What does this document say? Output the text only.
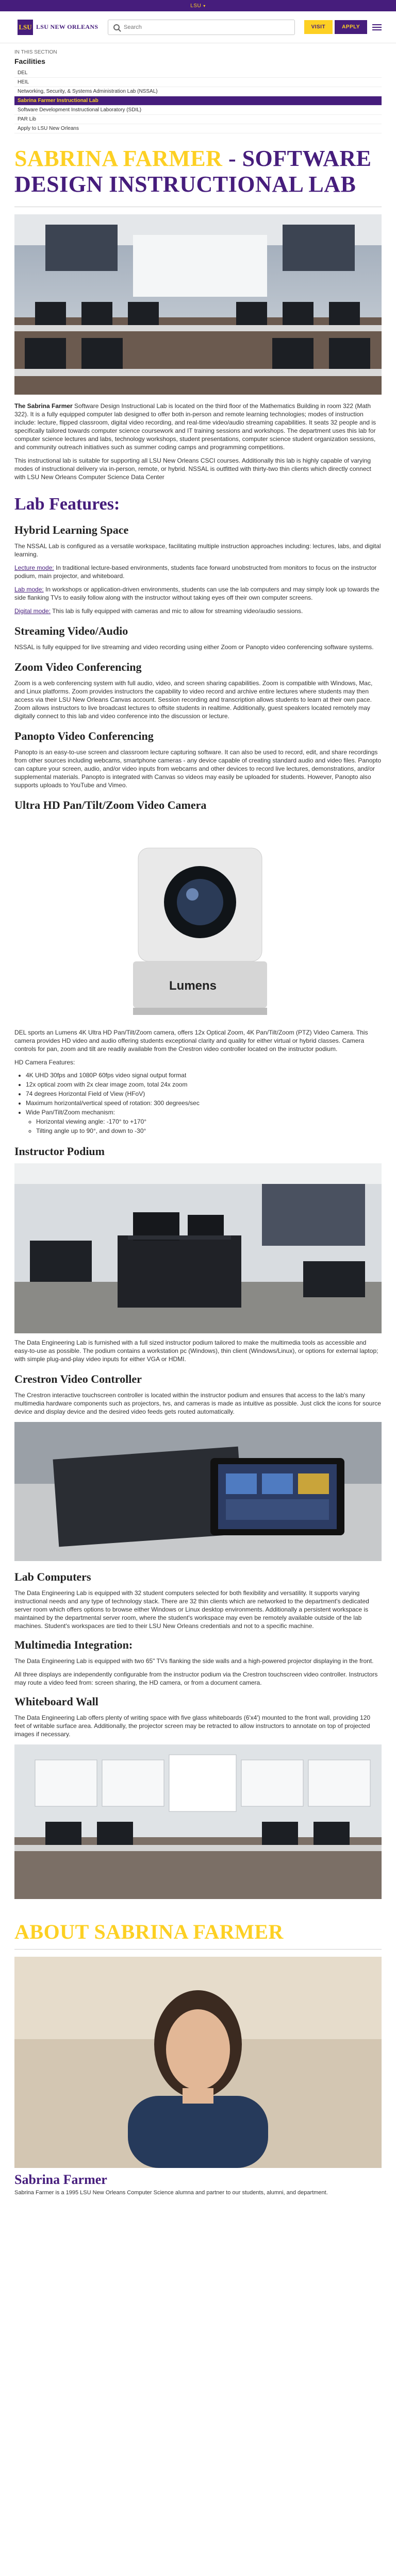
LSU ▾
LSU LSU NEW ORLEANS
Search	VISIT	APPLY
IN THIS SECTION
Facilities
DEL
HEIL
Networking, Security, & Systems Administration Lab (NSSAL)
Sabrina Farmer Instructional Lab
Software Development Instructional Laboratory (SDIL)
PAR Lib
Apply to LSU New Orleans
SABRINA FARMER - SOFTWARE DESIGN INSTRUCTIONAL LAB

The Sabrina Farmer Software Design Instructional Lab is located on the third floor of the Mathematics Building in room 322 (Math 322). It is a fully equipped computer lab designed to offer both in-person and remote learning technologies; modes of instruction include: lecture, flipped classroom, digital video recording, and real-time video/audio streaming capabilities. It seats 32 people and is specifically tailored towards computer science coursework and IT training sessions and workshops. The department uses this lab for computer science lectures and labs, technology workshops, student presentations, computer science student organization sessions, and community outreach initiatives such as summer coding camps and programming competitions.

This instructional lab is suitable for supporting all LSU New Orleans CSCI courses. Additionally this lab is highly capable of varying modes of instructional delivery via in-person, remote, or hybrid. NSSAL is outfitted with thirty-two thin clients which directly connect with LSU New Orleans Computer Science Data Center

Lab Features:
Hybrid Learning Space

The NSSAL Lab is configured as a versatile workspace, facilitating multiple instruction approaches including: lectures, labs, and digital learning.

Lecture mode: In traditional lecture-based environments, students face forward unobstructed from monitors to focus on the instructor podium, main projector, and whiteboard.

Lab mode: In workshops or application-driven environments, students can use the lab computers and may simply look up towards the side flanking TVs to easily follow along with the instructor without taking eyes off their own computer screens.

Digital mode: This lab is fully equipped with cameras and mic to allow for streaming video/audio sessions.

Streaming Video/Audio

NSSAL is fully equipped for live streaming and video recording using either Zoom or Panopto video conferencing software systems.

Zoom Video Conferencing

Zoom is a web conferencing system with full audio, video, and screen sharing capabilities. Zoom is compatible with Windows, Mac, and Linux platforms. Zoom provides instructors the capability to video record and archive entire lectures where students may then access via their LSU New Orleans Canvas account. Session recording and transcription allows students to learn at their own pace. Zoom allows instructors to live broadcast lectures to offsite students in realtime. Additionally, guest speakers located remotely may digitally connect to this lab and video conference into the discussion or lecture.

Panopto Video Conferencing

Panopto is an easy-to-use screen and classroom lecture capturing software. It can also be used to record, edit, and share recordings from other sources including webcams, smartphone cameras - any device capable of creating standard audio and video files. Panopto can capture your screen, audio, and/or video inputs from webcams and other devices to record live lectures, demonstrations, and/or supplemental materials. Panopto is integrated with Canvas so videos may easily be uploaded for students. However, Panopto also supports uploads to YouTube and Vimeo.

Ultra HD Pan/Tilt/Zoom Video Camera
Lumens

DEL sports an Lumens 4K Ultra HD Pan/Tilt/Zoom camera, offers 12x Optical Zoom, 4K Pan/Tilt/Zoom (PTZ) Video Camera. This camera provides HD video and audio offering students exceptional clarity and quality for either virtual or hybrid classes. Camera controls for pan, zoom and tilt are readily available from the Crestron video controller located on the instructor podium.

HD Camera Features:

• 4K UHD 30fps and 1080P 60fps video signal output format
• 12x optical zoom with 2x clear image zoom, total 24x zoom
• 74 degrees Horizontal Field of View (HFoV)
• Maximum horizontal/vertical speed of rotation: 300 degrees/sec
• Wide Pan/Tilt/Zoom mechanism:
◦ Horizontal viewing angle: -170° to +170°
◦ Tilting angle up to 90°, and down to -30°
Instructor Podium

The Data Engineering Lab is furnished with a full sized instructor podium tailored to make the multimedia tools as accessible and easy-to-use as possible. The podium contains a workstation pc (Windows), thin client (Windows/Linux), or options for external laptop; with simple plug-and-play video inputs for either VGA or HDMI.

Crestron Video Controller

The Crestron interactive touchscreen controller is located within the instructor podium and ensures that access to the lab's many multimedia hardware components such as projectors, tvs, and cameras is made as intuitive as possible. Just click the icons for source device and display device and the desired video feeds gets routed automatically.

Lab Computers

The Data Engineering Lab is equipped with 32 student computers selected for both flexibility and versatility. It supports varying instructional needs and any type of technology stack. There are 32 thin clients which are networked to the department's dedicated server room which offers options to browse either Windows or Linux desktop environments. Additionally a persistent workspace is maintained by the departmental server room, where the student's workspace may even be remotely available outside of the lab machines. Student's workspaces are tied to their LSU New Orleans credentials and not to a specific machine.

Multimedia Integration:

The Data Engineering Lab is equipped with two 65" TVs flanking the side walls and a high-powered projector displaying in the front.

All three displays are independently configurable from the instructor podium via the Crestron touchscreen video controller. Instructors may route a video feed from: screen sharing, the HD camera, or from a document camera.

Whiteboard Wall

The Data Engineering Lab offers plenty of writing space with five glass whiteboards (6'x4') mounted to the front wall, providing 120 feet of writable surface area. Additionally, the projector screen may be retracted to allow instructors to annotate on top of projected images if necessary.

ABOUT SABRINA FARMER
Sabrina Farmer

Sabrina Farmer is a 1995 LSU New Orleans Computer Science alumna and partner to our students, alumni, and department.
